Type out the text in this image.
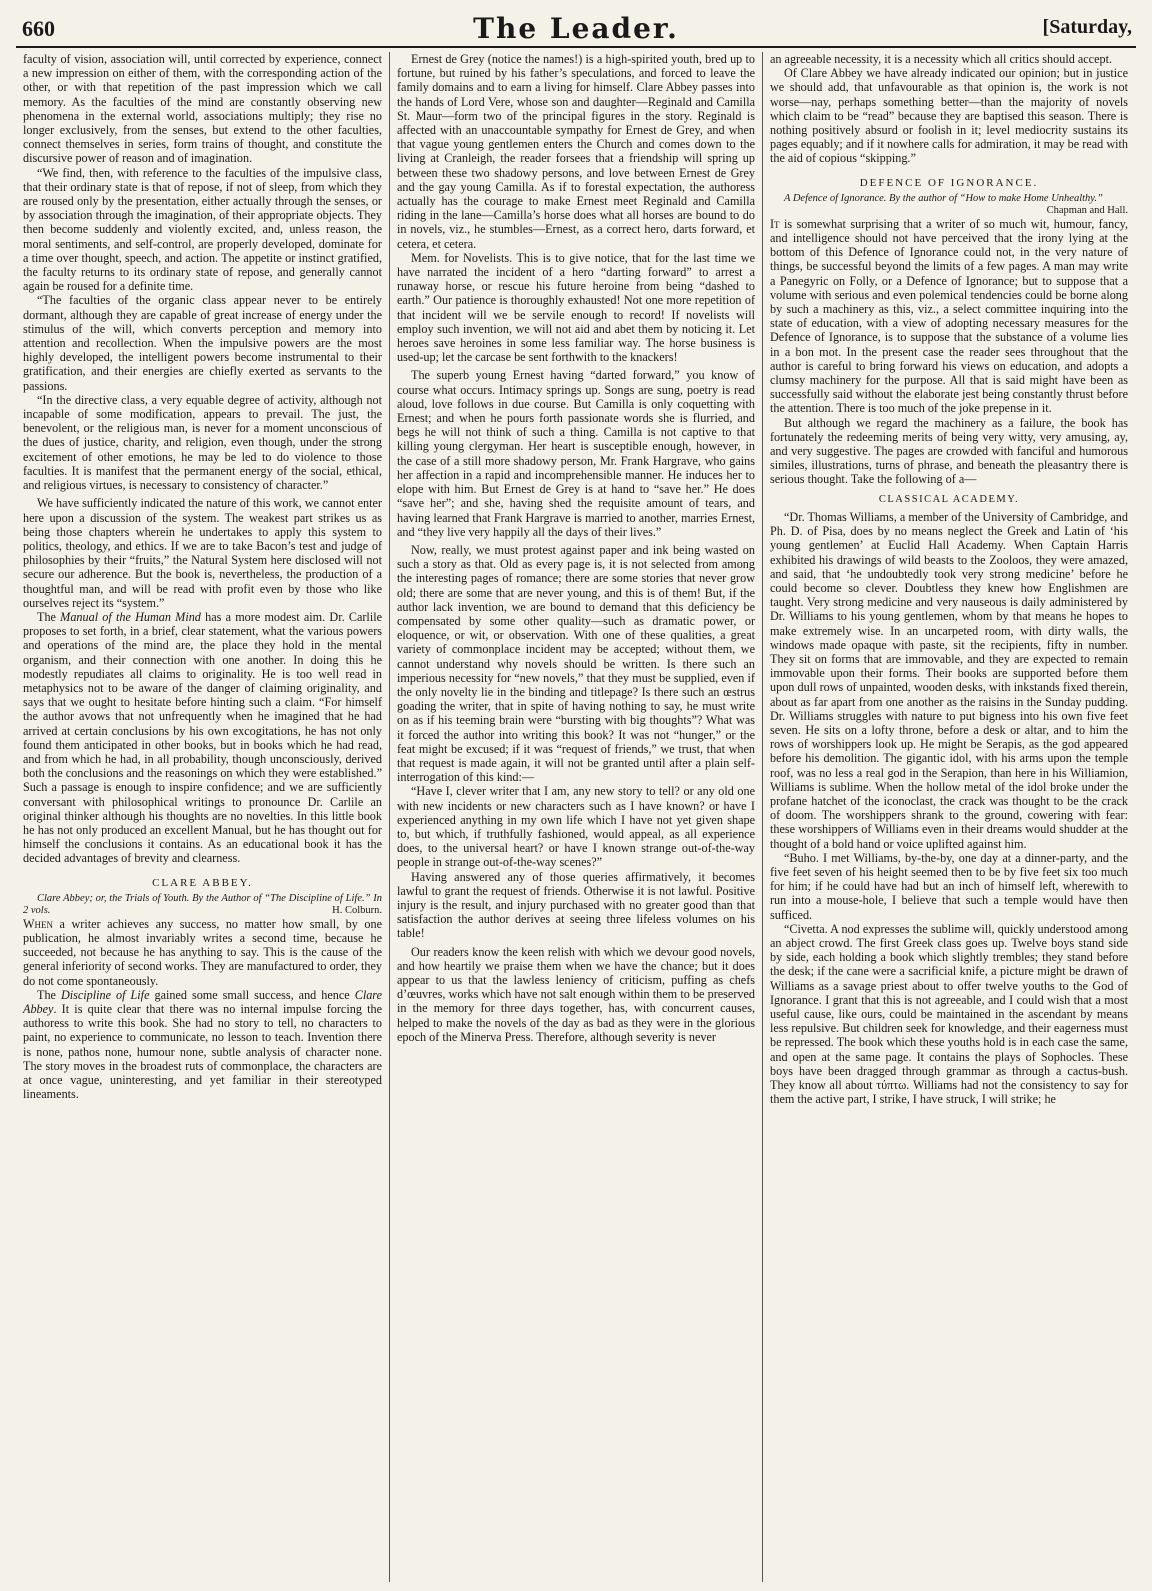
660	The Leader.	[Saturday,

faculty of vision, association will, until corrected by experience, connect a new impression on either of them, with the corresponding action of the other, or with that repetition of the past impression which we call memory. As the faculties of the mind are constantly observing new phenomena in the external world, associations multiply; they rise no longer exclusively, from the senses, but extend to the other faculties, connect themselves in series, form trains of thought, and constitute the discursive power of reason and of imagination.

“We find, then, with reference to the faculties of the impulsive class, that their ordinary state is that of repose, if not of sleep, from which they are roused only by the presentation, either actually through the senses, or by association through the imagination, of their appropriate objects. They then become suddenly and violently excited, and, unless reason, the moral sentiments, and self-control, are properly developed, dominate for a time over thought, speech, and action. The appetite or instinct gratified, the faculty returns to its ordinary state of repose, and generally cannot again be roused for a definite time.

“The faculties of the organic class appear never to be entirely dormant, although they are capable of great increase of energy under the stimulus of the will, which converts perception and memory into attention and recollection. When the impulsive powers are the most highly developed, the intelligent powers become instrumental to their gratification, and their energies are chiefly exerted as servants to the passions.

“In the directive class, a very equable degree of activity, although not incapable of some modification, appears to prevail. The just, the benevolent, or the religious man, is never for a moment unconscious of the dues of justice, charity, and religion, even though, under the strong excitement of other emotions, he may be led to do violence to those faculties. It is manifest that the permanent energy of the social, ethical, and religious virtues, is necessary to consistency of character.”

We have sufficiently indicated the nature of this work, we cannot enter here upon a discussion of the system. The weakest part strikes us as being those chapters wherein he undertakes to apply this system to politics, theology, and ethics. If we are to take Bacon’s test and judge of philosophies by their “fruits,” the Natural System here disclosed will not secure our adherence. But the book is, nevertheless, the production of a thoughtful man, and will be read with profit even by those who like ourselves reject its “system.”

The Manual of the Human Mind has a more modest aim. Dr. Carlile proposes to set forth, in a brief, clear statement, what the various powers and operations of the mind are, the place they hold in the mental organism, and their connection with one another. In doing this he modestly repudiates all claims to originality. He is too well read in metaphysics not to be aware of the danger of claiming originality, and says that we ought to hesitate before hinting such a claim. “For himself the author avows that not unfrequently when he imagined that he had arrived at certain conclusions by his own excogitations, he has not only found them anticipated in other books, but in books which he had read, and from which he had, in all probability, though unconsciously, derived both the conclusions and the reasonings on which they were established.” Such a passage is enough to inspire confidence; and we are sufficiently conversant with philosophical writings to pronounce Dr. Carlile an original thinker although his thoughts are no novelties. In this little book he has not only produced an excellent Manual, but he has thought out for himself the conclusions it contains. As an educational book it has the decided advantages of brevity and clearness.

CLARE ABBEY.

Clare Abbey; or, the Trials of Youth. By the Author of “The Discipline of Life.” In 2 vols.	H. Colburn.

When a writer achieves any success, no matter how small, by one publication, he almost invariably writes a second time, because he succeeded, not because he has anything to say. This is the cause of the general inferiority of second works. They are manufactured to order, they do not come spontaneously.

The Discipline of Life gained some small success, and hence Clare Abbey. It is quite clear that there was no internal impulse forcing the authoress to write this book. She had no story to tell, no characters to paint, no experience to communicate, no lesson to teach. Invention there is none, pathos none, humour none, subtle analysis of character none. The story moves in the broadest ruts of commonplace, the characters are at once vague, uninteresting, and yet familiar in their stereotyped lineaments.

Ernest de Grey (notice the names!) is a high-spirited youth, bred up to fortune, but ruined by his father’s speculations, and forced to leave the family domains and to earn a living for himself. Clare Abbey passes into the hands of Lord Vere, whose son and daughter—Reginald and Camilla St. Maur—form two of the principal figures in the story. Reginald is affected with an unaccountable sympathy for Ernest de Grey, and when that vague young gentlemen enters the Church and comes down to the living at Cranleigh, the reader forsees that a friendship will spring up between these two shadowy persons, and love between Ernest de Grey and the gay young Camilla. As if to forestal expectation, the authoress actually has the courage to make Ernest meet Reginald and Camilla riding in the lane—Camilla’s horse does what all horses are bound to do in novels, viz., he stumbles—Ernest, as a correct hero, darts forward, et cetera, et cetera.

Mem. for Novelists. This is to give notice, that for the last time we have narrated the incident of a hero “darting forward” to arrest a runaway horse, or rescue his future heroine from being “dashed to earth.” Our patience is thoroughly exhausted! Not one more repetition of that incident will we be servile enough to record! If novelists will employ such invention, we will not aid and abet them by noticing it. Let heroes save heroines in some less familiar way. The horse business is used-up; let the carcase be sent forthwith to the knackers!

The superb young Ernest having “darted forward,” you know of course what occurs. Intimacy springs up. Songs are sung, poetry is read aloud, love follows in due course. But Camilla is only coquetting with Ernest; and when he pours forth passionate words she is flurried, and begs he will not think of such a thing. Camilla is not captive to that killing young clergyman. Her heart is susceptible enough, however, in the case of a still more shadowy person, Mr. Frank Hargrave, who gains her affection in a rapid and incomprehensible manner. He induces her to elope with him. But Ernest de Grey is at hand to “save her.” He does “save her”; and she, having shed the requisite amount of tears, and having learned that Frank Hargrave is married to another, marries Ernest, and “they live very happily all the days of their lives.”

Now, really, we must protest against paper and ink being wasted on such a story as that. Old as every page is, it is not selected from among the interesting pages of romance; there are some stories that never grow old; there are some that are never young, and this is of them! But, if the author lack invention, we are bound to demand that this deficiency be compensated by some other quality—such as dramatic power, or eloquence, or wit, or observation. With one of these qualities, a great variety of commonplace incident may be accepted; without them, we cannot understand why novels should be written. Is there such an imperious necessity for “new novels,” that they must be supplied, even if the only novelty lie in the binding and titlepage? Is there such an œstrus goading the writer, that in spite of having nothing to say, he must write on as if his teeming brain were “bursting with big thoughts”? What was it forced the author into writing this book? It was not “hunger,” or the feat might be excused; if it was “request of friends,” we trust, that when that request is made again, it will not be granted until after a plain self-interrogation of this kind:—

“Have I, clever writer that I am, any new story to tell? or any old one with new incidents or new characters such as I have known? or have I experienced anything in my own life which I have not yet given shape to, but which, if truthfully fashioned, would appeal, as all experience does, to the universal heart? or have I known strange out-of-the-way people in strange out-of-the-way scenes?”

Having answered any of those queries affirmatively, it becomes lawful to grant the request of friends. Otherwise it is not lawful. Positive injury is the result, and injury purchased with no greater good than that satisfaction the author derives at seeing three lifeless volumes on his table!

Our readers know the keen relish with which we devour good novels, and how heartily we praise them when we have the chance; but it does appear to us that the lawless leniency of criticism, puffing as chefs d’œuvres, works which have not salt enough within them to be preserved in the memory for three days together, has, with concurrent causes, helped to make the novels of the day as bad as they were in the glorious epoch of the Minerva Press. Therefore, although severity is never

an agreeable necessity, it is a necessity which all critics should accept.

Of Clare Abbey we have already indicated our opinion; but in justice we should add, that unfavourable as that opinion is, the work is not worse—nay, perhaps something better—than the majority of novels which claim to be “read” because they are baptised this season. There is nothing positively absurd or foolish in it; level mediocrity sustains its pages equably; and if it nowhere calls for admiration, it may be read with the aid of copious “skipping.”

DEFENCE OF IGNORANCE.

A Defence of Ignorance. By the author of “How to make Home Unhealthy.”
Chapman and Hall.

It is somewhat surprising that a writer of so much wit, humour, fancy, and intelligence should not have perceived that the irony lying at the bottom of this Defence of Ignorance could not, in the very nature of things, be successful beyond the limits of a few pages. A man may write a Panegyric on Folly, or a Defence of Ignorance; but to suppose that a volume with serious and even polemical tendencies could be borne along by such a machinery as this, viz., a select committee inquiring into the state of education, with a view of adopting necessary measures for the Defence of Ignorance, is to suppose that the substance of a volume lies in a bon mot. In the present case the reader sees throughout that the author is careful to bring forward his views on education, and adopts a clumsy machinery for the purpose. All that is said might have been as successfully said without the elaborate jest being constantly thrust before the attention. There is too much of the joke prepense in it.

But although we regard the machinery as a failure, the book has fortunately the redeeming merits of being very witty, very amusing, ay, and very suggestive. The pages are crowded with fanciful and humorous similes, illustrations, turns of phrase, and beneath the pleasantry there is serious thought. Take the following of a—

CLASSICAL ACADEMY.

“Dr. Thomas Williams, a member of the University of Cambridge, and Ph. D. of Pisa, does by no means neglect the Greek and Latin of ‘his young gentlemen’ at Euclid Hall Academy. When Captain Harris exhibited his drawings of wild beasts to the Zooloos, they were amazed, and said, that ‘he undoubtedly took very strong medicine’ before he could become so clever. Doubtless they knew how Englishmen are taught. Very strong medicine and very nauseous is daily administered by Dr. Williams to his young gentlemen, whom by that means he hopes to make extremely wise. In an uncarpeted room, with dirty walls, the windows made opaque with paste, sit the recipients, fifty in number. They sit on forms that are immovable, and they are expected to remain immovable upon their forms. Their books are supported before them upon dull rows of unpainted, wooden desks, with inkstands fixed therein, about as far apart from one another as the raisins in the Sunday pudding. Dr. Williams struggles with nature to put bigness into his own five feet seven. He sits on a lofty throne, before a desk or altar, and to him the rows of worshippers look up. He might be Serapis, as the god appeared before his demolition. The gigantic idol, with his arms upon the temple roof, was no less a real god in the Serapion, than here in his Williamion, Williams is sublime. When the hollow metal of the idol broke under the profane hatchet of the iconoclast, the crack was thought to be the crack of doom. The worshippers shrank to the ground, cowering with fear: these worshippers of Williams even in their dreams would shudder at the thought of a bold hand or voice uplifted against him.

“Buho. I met Williams, by-the-by, one day at a dinner-party, and the five feet seven of his height seemed then to be by five feet six too much for him; if he could have had but an inch of himself left, wherewith to run into a mouse-hole, I believe that such a temple would have then sufficed.

“Civetta. A nod expresses the sublime will, quickly understood among an abject crowd. The first Greek class goes up. Twelve boys stand side by side, each holding a book which slightly trembles; they stand before the desk; if the cane were a sacrificial knife, a picture might be drawn of Williams as a savage priest about to offer twelve youths to the God of Ignorance. I grant that this is not agreeable, and I could wish that a most useful cause, like ours, could be maintained in the ascendant by means less repulsive. But children seek for knowledge, and their eagerness must be repressed. The book which these youths hold is in each case the same, and open at the same page. It contains the plays of Sophocles. These boys have been dragged through grammar as through a cactus-bush. They know all about τύπτω. Williams had not the consistency to say for them the active part, I strike, I have struck, I will strike; he
